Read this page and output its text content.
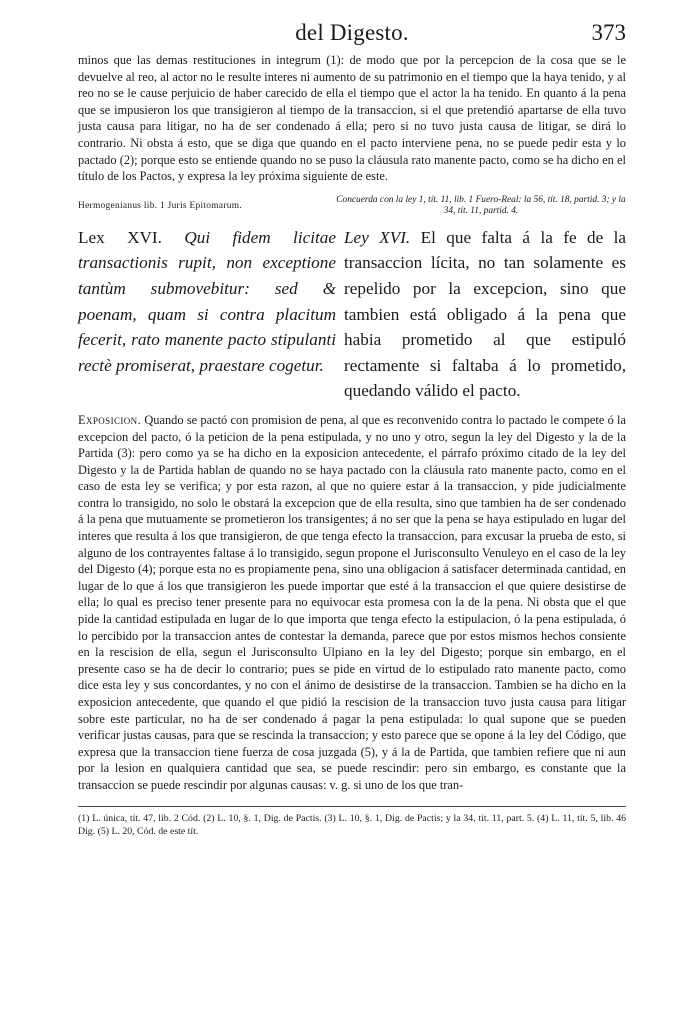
del Digesto.	373

minos que las demas restituciones in integrum (1): de modo que por la percepcion de la cosa que se le devuelve al reo, al actor no le resulte interes ni aumento de su patrimonio en el tiempo que la haya tenido, y al reo no se le cause perjuicio de haber carecido de ella el tiempo que el actor la ha tenido. En quanto á la pena que se impusieron los que transigieron al tiempo de la transaccion, si el que pretendió apartarse de ella tuvo justa causa para litigar, no ha de ser condenado á ella; pero si no tuvo justa causa de litigar, se dirá lo contrario. Ni obsta á esto, que se diga que quando en el pacto interviene pena, no se puede pedir esta y lo pactado (2); porque esto se entiende quando no se puso la cláusula rato manente pacto, como se ha dicho en el título de los Pactos, y expresa la ley próxima siguiente de este.

Hermogenianus lib. 1 Juris Epitomarum.
Concuerda con la ley 1, tít. 11, lib. 1 Fuero-Real: la 56, tít. 18, partid. 3; y la 34, tít. 11, partid. 4.
Lex XVI. Qui fidem licitae transactionis rupit, non exceptione tantùm submovebitur: sed & poenam, quam si contra placitum fecerit, rato manente pacto stipulanti rectè promiserat, praestare cogetur.
Ley XVI. El que falta á la fe de la transaccion lícita, no tan solamente es repelido por la excepcion, sino que tambien está obligado á la pena que habia prometido al que estipuló rectamente si faltaba á lo prometido, quedando válido el pacto.

Exposicion. Quando se pactó con promision de pena, al que es reconvenido contra lo pactado le compete ó la excepcion del pacto, ó la peticion de la pena estipulada, y no uno y otro, segun la ley del Digesto y la de la Partida (3): pero como ya se ha dicho en la exposicion antecedente, el párrafo próximo citado de la ley del Digesto y la de Partida hablan de quando no se haya pactado con la cláusula rato manente pacto, como en el caso de esta ley se verifica; y por esta razon, al que no quiere estar á la transaccion, y pide judicialmente contra lo transigido, no solo le obstará la excepcion que de ella resulta, sino que tambien ha de ser condenado á la pena que mutuamente se prometieron los transigentes; á no ser que la pena se haya estipulado en lugar del interes que resulta á los que transigieron, de que tenga efecto la transaccion, para excusar la prueba de esto, si alguno de los contrayentes faltase á lo transigido, segun propone el Jurisconsulto Venuleyo en el caso de la ley del Digesto (4); porque esta no es propiamente pena, sino una obligacion á satisfacer determinada cantidad, en lugar de lo que á los que transigieron les puede importar que esté á la transaccion el que quiere desistirse de ella; lo qual es preciso tener presente para no equivocar esta promesa con la de la pena. Ni obsta que el que pide la cantidad estipulada en lugar de lo que importa que tenga efecto la estipulacion, ó la pena estipulada, ó lo percibido por la transaccion antes de contestar la demanda, parece que por estos mismos hechos consiente en la rescision de ella, segun el Jurisconsulto Ulpiano en la ley del Digesto; porque sin embargo, en el presente caso se ha de decir lo contrario; pues se pide en virtud de lo estipulado rato manente pacto, como dice esta ley y sus concordantes, y no con el ánimo de desistirse de la transaccion. Tambien se ha dicho en la exposicion antecedente, que quando el que pidió la rescision de la transaccion tuvo justa causa para litigar sobre este particular, no ha de ser condenado á pagar la pena estipulada: lo qual supone que se pueden verificar justas causas, para que se rescinda la transaccion; y esto parece que se opone á la ley del Código, que expresa que la transaccion tiene fuerza de cosa juzgada (5), y á la de Partida, que tambien refiere que ni aun por la lesion en qualquiera cantidad que sea, se puede rescindir: pero sin embargo, es constante que la transaccion se puede rescindir por algunas causas: v. g. si uno de los que tran-

(1) L. única, tít. 47, lib. 2 Cód. (2) L. 10, §. 1, Dig. de Pactis. (3) L. 10, §. 1, Dig. de Pactis; y la 34, tít. 11, part. 5. (4) L. 11, tít. 5, lib. 46 Dig. (5) L. 20, Cód. de este tít.
